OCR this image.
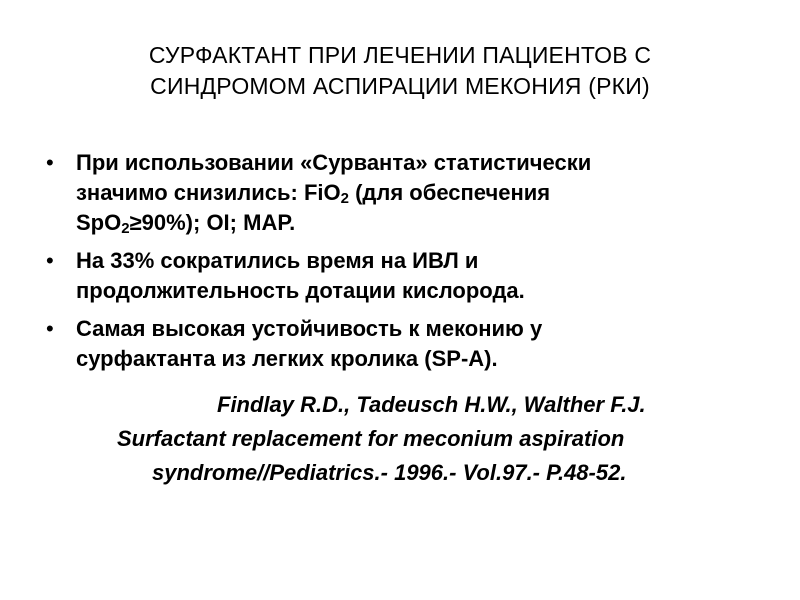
СУРФАКТАНТ ПРИ ЛЕЧЕНИИ ПАЦИЕНТОВ С
СИНДРОМОМ АСПИРАЦИИ МЕКОНИЯ (РКИ)
• При использовании «Сурванта» статистически
значимо снизились: FiO$_2$ (для обеспечения
SpO$_2$≥90%); OI; MAP.
• На 33% сократились время на ИВЛ и
продолжительность дотации кислорода.
• Самая высокая устойчивость к меконию у
сурфактанта из легких кролика (SP-A).
Findlay R.D., Tadeusch H.W., Walther F.J.
Surfactant replacement for meconium aspiration
syndrome//Pediatrics.- 1996.- Vol.97.- P.48-52.
